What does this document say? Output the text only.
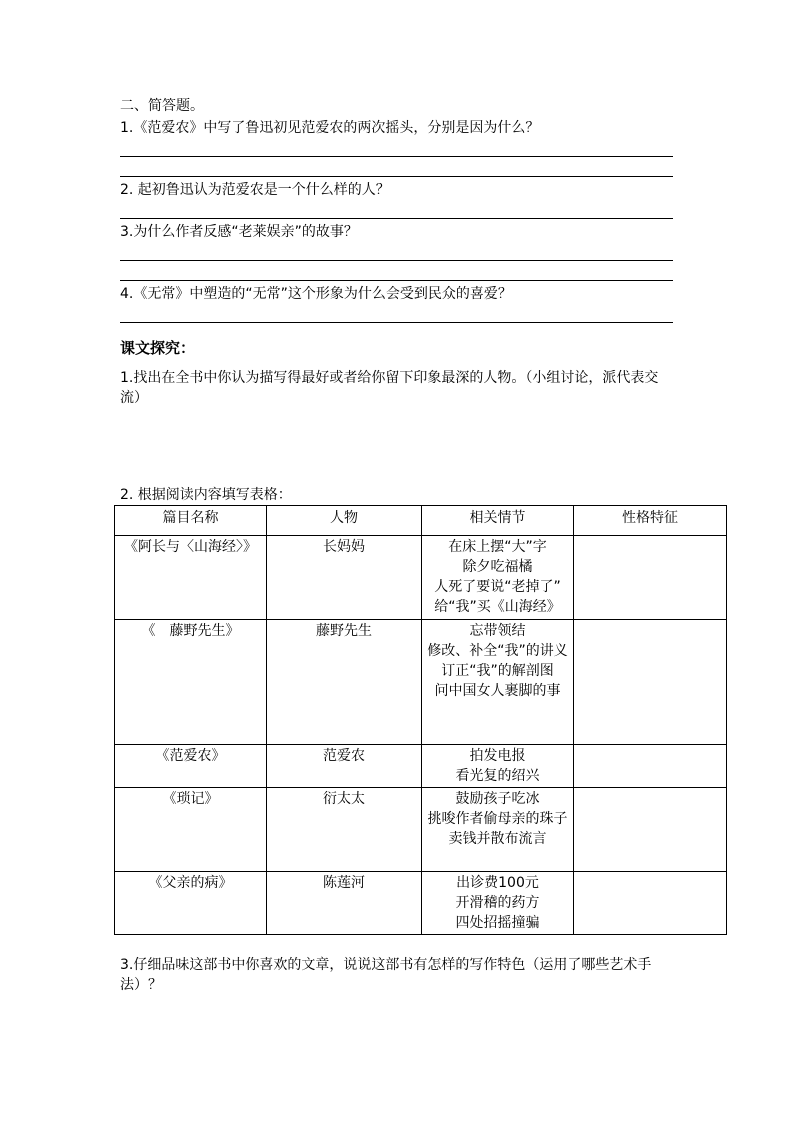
二、简答题。
1.《范爱农》中写了鲁迅初见范爱农的两次摇头，分别是因为什么？
2. 起初鲁迅认为范爱农是一个什么样的人？
3.为什么作者反感“老莱娱亲”的故事？
4.《无常》中塑造的“无常”这个形象为什么会受到民众的喜爱？
课文探究：
1.找出在全书中你认为描写得最好或者给你留下印象最深的人物。（小组讨论，派代表交流）
2. 根据阅读内容填写表格：
篇目名称	人物	相关情节	性格特征
《阿长与〈山海经〉》	长妈妈	在床上摆“大”字
除夕吃福橘
人死了要说“老掉了”
给“我”买《山海经》	

《　藤野先生》	藤野先生	忘带领结
修改、补全“我”的讲义
订正“我”的解剖图
问中国女人裹脚的事	

《范爱农》	范爱农	拍发电报
看光复的绍兴	

《琐记》	衍太太	鼓励孩子吃冰
挑唆作者偷母亲的珠子卖钱并散布流言	

《父亲的病》	陈莲河	出诊费100元
开滑稽的药方
四处招摇撞骗	

3.仔细品味这部书中你喜欢的文章，说说这部书有怎样的写作特色（运用了哪些艺术手法）？
